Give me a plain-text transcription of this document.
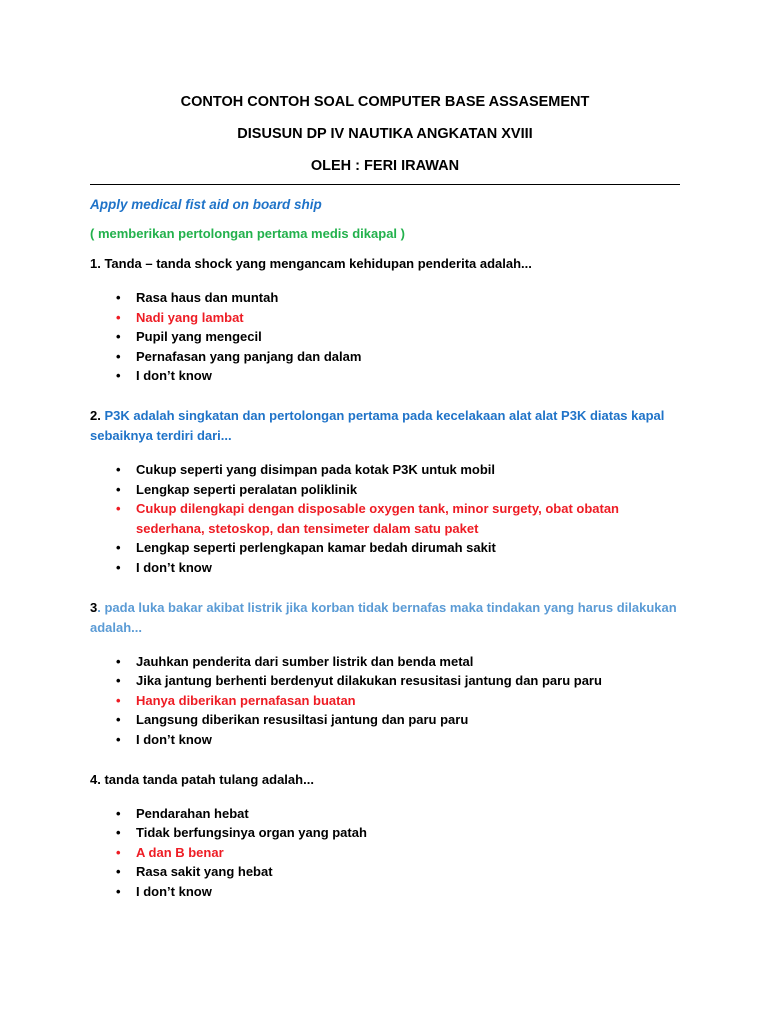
CONTOH CONTOH SOAL COMPUTER BASE ASSASEMENT

DISUSUN DP IV NAUTIKA ANGKATAN XVIII

OLEH : FERI IRAWAN

Apply medical fist aid on board ship

( memberikan pertolongan pertama medis dikapal )

1. Tanda – tanda shock yang mengancam kehidupan penderita adalah...

• Rasa haus dan muntah
• Nadi yang lambat
• Pupil yang mengecil
• Pernafasan yang panjang dan dalam
• I don’t know

2. P3K adalah singkatan dan pertolongan pertama pada kecelakaan alat alat P3K diatas kapal sebaiknya terdiri dari...

• Cukup seperti yang disimpan pada kotak P3K untuk mobil
• Lengkap seperti peralatan poliklinik
• Cukup dilengkapi dengan disposable oxygen tank, minor surgety, obat obatan sederhana, stetoskop, dan tensimeter dalam satu paket
• Lengkap seperti perlengkapan kamar bedah dirumah sakit
• I don’t know

3. pada luka bakar akibat listrik jika korban tidak bernafas maka tindakan yang harus dilakukan adalah...

• Jauhkan penderita dari sumber listrik dan benda metal
• Jika jantung berhenti berdenyut dilakukan resusitasi jantung dan paru paru
• Hanya diberikan pernafasan buatan
• Langsung diberikan resusiltasi jantung dan paru paru
• I don’t know

4. tanda tanda patah tulang adalah...

• Pendarahan hebat
• Tidak berfungsinya organ yang patah
• A dan B benar
• Rasa sakit yang hebat
• I don’t know
